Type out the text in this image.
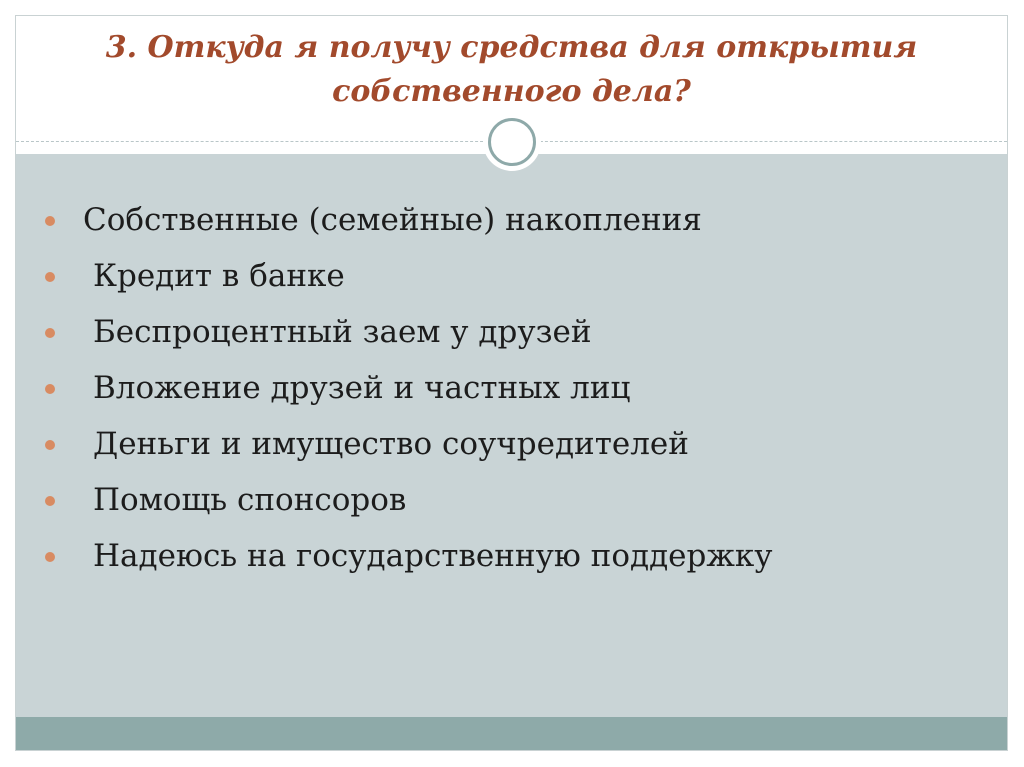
3. Откуда я получу средства для открытия
собственного дела?
Собственные (семейные) накопления
Кредит в банке
Беспроцентный заем у друзей
Вложение друзей и частных лиц
Деньги и имущество соучредителей
Помощь спонсоров
Надеюсь на государственную поддержку
